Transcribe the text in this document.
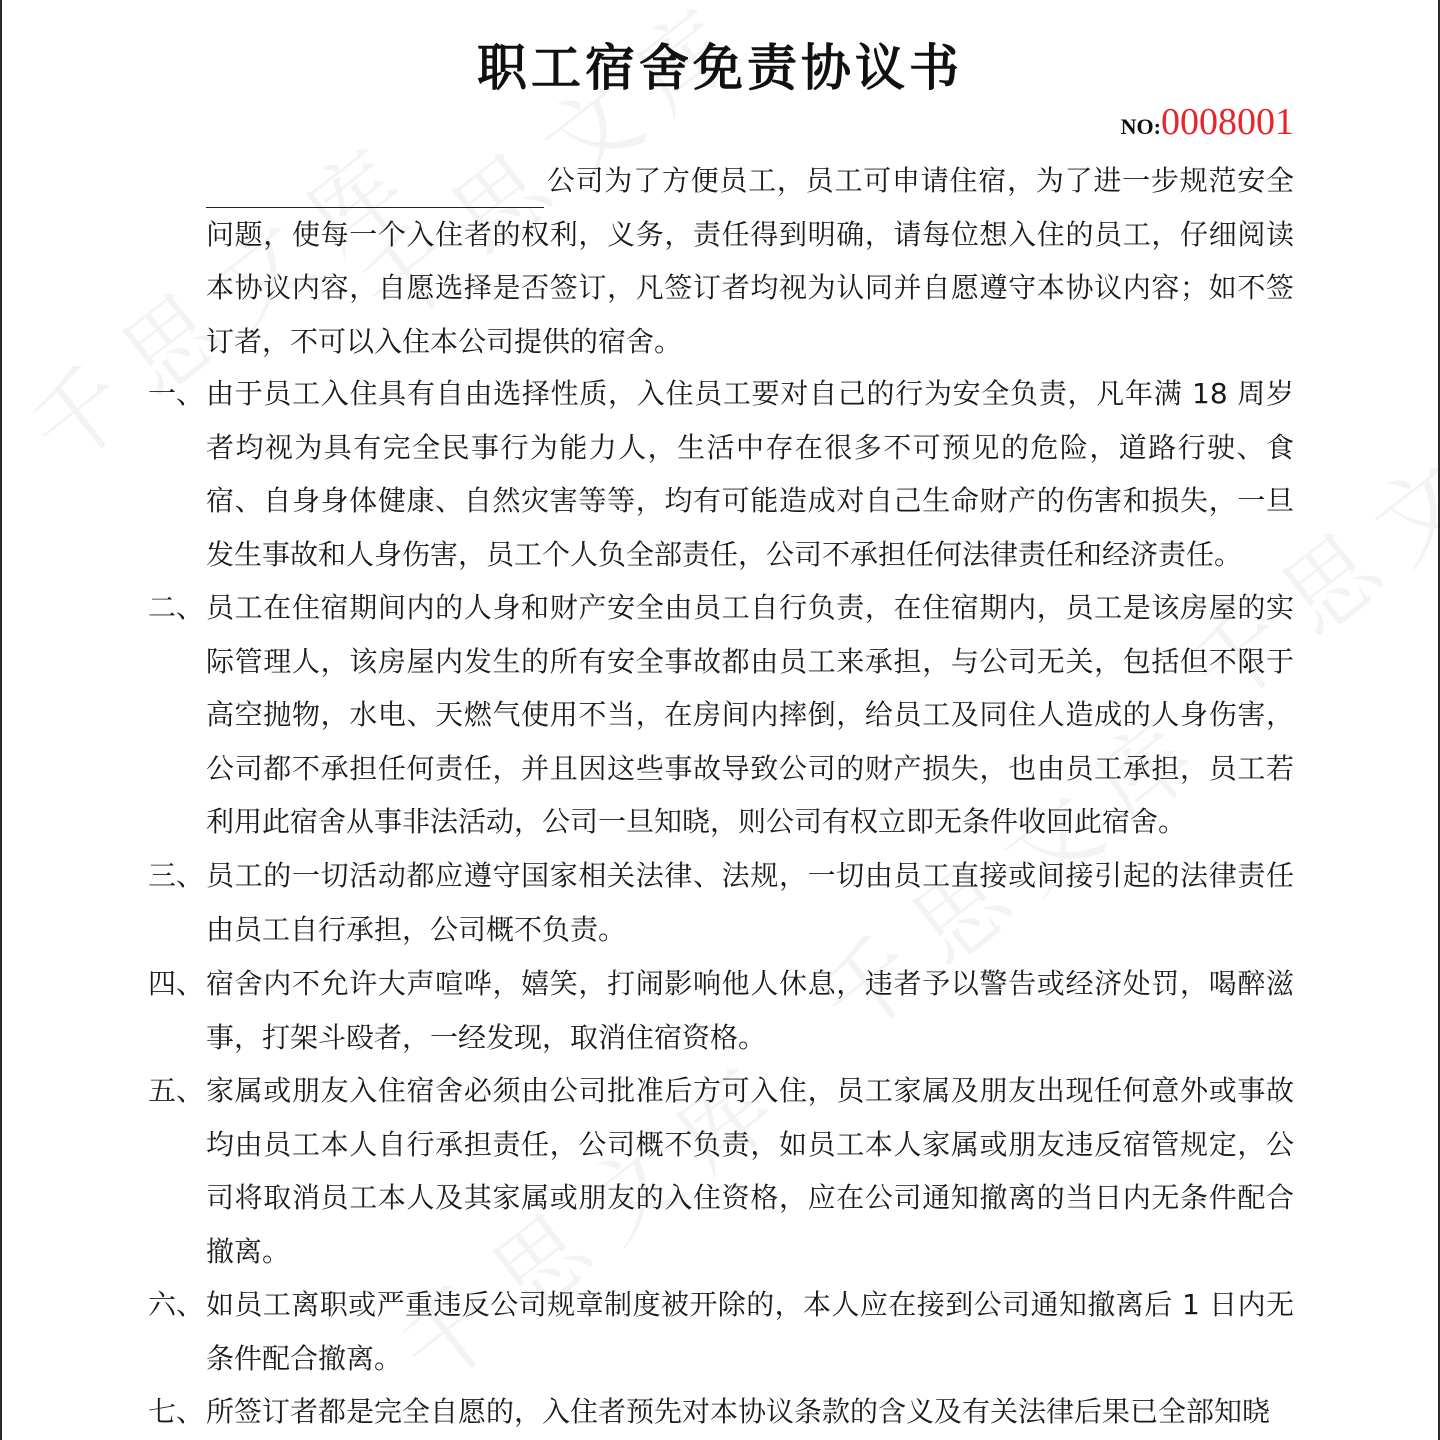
职工宿舍免责协议书
NO:0008001
公司为了方便员工，员工可申请住宿，为了进一步规范安全问题，使每一个入住者的权利，义务，责任得到明确，请每位想入住的员工，仔细阅读本协议内容，自愿选择是否签订，凡签订者均视为认同并自愿遵守本协议内容；如不签订者，不可以入住本公司提供的宿舍。
一、 由于员工入住具有自由选择性质，入住员工要对自己的行为安全负责，凡年满 18 周岁者均视为具有完全民事行为能力人，生活中存在很多不可预见的危险，道路行驶、食宿、自身身体健康、自然灾害等等，均有可能造成对自己生命财产的伤害和损失，一旦发生事故和人身伤害，员工个人负全部责任，公司不承担任何法律责任和经济责任。
二、 员工在住宿期间内的人身和财产安全由员工自行负责，在住宿期内，员工是该房屋的实际管理人，该房屋内发生的所有安全事故都由员工来承担，与公司无关，包括但不限于高空抛物，水电、天燃气使用不当，在房间内摔倒，给员工及同住人造成的人身伤害，公司都不承担任何责任，并且因这些事故导致公司的财产损失，也由员工承担，员工若利用此宿舍从事非法活动，公司一旦知晓，则公司有权立即无条件收回此宿舍。
三、 员工的一切活动都应遵守国家相关法律、法规，一切由员工直接或间接引起的法律责任由员工自行承担，公司概不负责。
四、 宿舍内不允许大声喧哗，嬉笑，打闹影响他人休息，违者予以警告或经济处罚，喝醉滋事，打架斗殴者，一经发现，取消住宿资格。
五、 家属或朋友入住宿舍必须由公司批准后方可入住，员工家属及朋友出现任何意外或事故均由员工本人自行承担责任，公司概不负责，如员工本人家属或朋友违反宿管规定，公司将取消员工本人及其家属或朋友的入住资格，应在公司通知撤离的当日内无条件配合撤离。
六、 如员工离职或严重违反公司规章制度被开除的，本人应在接到公司通知撤离后 1 日内无条件配合撤离。
七、 所签订者都是完全自愿的，入住者预先对本协议条款的含义及有关法律后果已全部知晓
